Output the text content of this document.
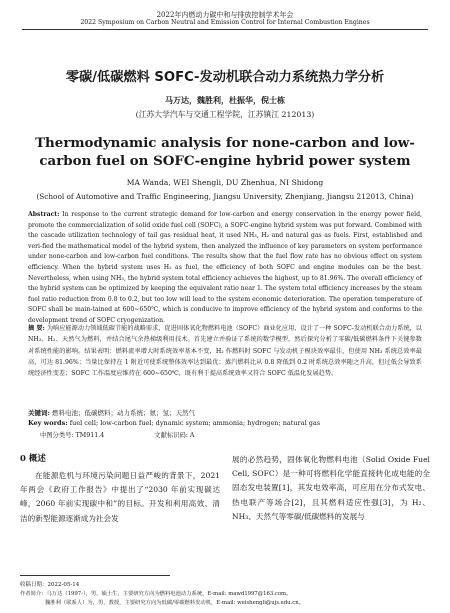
2022年内燃动力碳中和与排放控制学术年会
2022 Symposium on Carbon Neutral and Emission Control for Internal Combustion Engines
零碳/低碳燃料 SOFC-发动机联合动力系统热力学分析
马万达，魏胜利，杜振华，倪士栋
(江苏大学汽车与交通工程学院，江苏镇江 212013)
Thermodynamic analysis for none-carbon and low-carbon fuel on SOFC-engine hybrid power system
MA Wanda, WEI Shengli, DU Zhenhua, NI Shidong
(School of Automotive and Traffic Engineering, Jiangsu University, Zhenjiang, Jiangsu 212013, China)
Abstract: In response to the current strategic demand for low-carbon and energy conservation in the energy power field, promote the commercialization of solid oxide fuel cell (SOFC), a SOFC-engine hybrid system was put forward. Combined with the cascade utilization technology of tail gas residual heat, it used NH₃, H₂ and natural gas as fuels. First, established and veri-fied the mathematical model of the hybrid system, then analyzed the influence of key parameters on system performance under none-carbon and low-carbon fuel conditions. The results show that the fuel flow rate has no obvious effect on system efficiency. When the hybrid system uses H₂ as fuel, the efficiency of both SOFC and engine modules can be the best. Nevertheless, when using NH₃, the hybrid system total efficiency achieves the highest, up to 81.96%. The overall efficiency of the hybrid system can be optimized by keeping the equivalent ratio near 1. The system total efficiency increases by the steam fuel ratio reduction from 0.8 to 0.2, but too low will lead to the system economic deterioration. The operation temperature of SOFC shall be main-tained at 600~650℃, which is conducive to improve efficiency of the hybrid system and conforms to the development trend of SOFC cryogenization.
摘 要: 为响应能源动力领域低碳节能的战略需求，促进固体氧化物燃料电池（SOFC）商业化应用，设计了一种 SOFC-发动机联合动力系统，以 NH₃、H₂、天然气为燃料，并结合尾气余热梯级利用技术。首先建立并验证了系统的数学模型，然后探究分析了零碳/低碳燃料条件下关键参数对系统性能的影响。结果表明：燃料流率增大时系统效率基本不变，H₂ 作燃料时 SOFC 与发动机子模块效率最佳，但使用 NH₃ 系统总效率最高，可达 81.96%；当量比保持在 1 附近可使系统整体效率达到最优；蒸汽燃料比从 0.8 降低到 0.2 时系统总效率随之升高，但过低会导致系统经济性变差；SOFC 工作温度应维持在 600~650℃，既有利于提高系统效率又符合 SOFC 低温化发展趋势。
关键词: 燃料电池；低碳燃料；动力系统；氨；氢；天然气
Key words: fuel cell; low-carbon fuel; dynamic system; ammonia; hydrogen; natural gas
中图分类号: TM911.4	文献标识码: A
0 概述
在能源危机与环境污染问题日益严峻的背景下，2021 年两会《政府工作报告》中提出了“2030 年前实现碳达峰，2060 年前实现碳中和”的目标。开发和利用高效、清洁的新型能源逐渐成为社会发
展的必然趋势，固体氧化物燃料电池（Solid Oxide Fuel Cell, SOFC）是一种可将燃料化学能直接转化成电能的全固态发电装置[1]，其发电效率高，可应用在分布式发电、热电联产等场合[2]，且其燃料适应性强[3]，为 H₂、NH₃、天然气等零碳/低碳燃料的发展与
收稿日期：2022-05-14
作者简介：马万达（1997-），男，硕士生，主要研究方向为燃料电池动力系统，E-mail: mawd1997@163.com。
魏胜利（联系人）为，男，教授，主要研究方向为低碳/零碳燃料发动机，E-mail: weishengli@ujs.edu.cn。
